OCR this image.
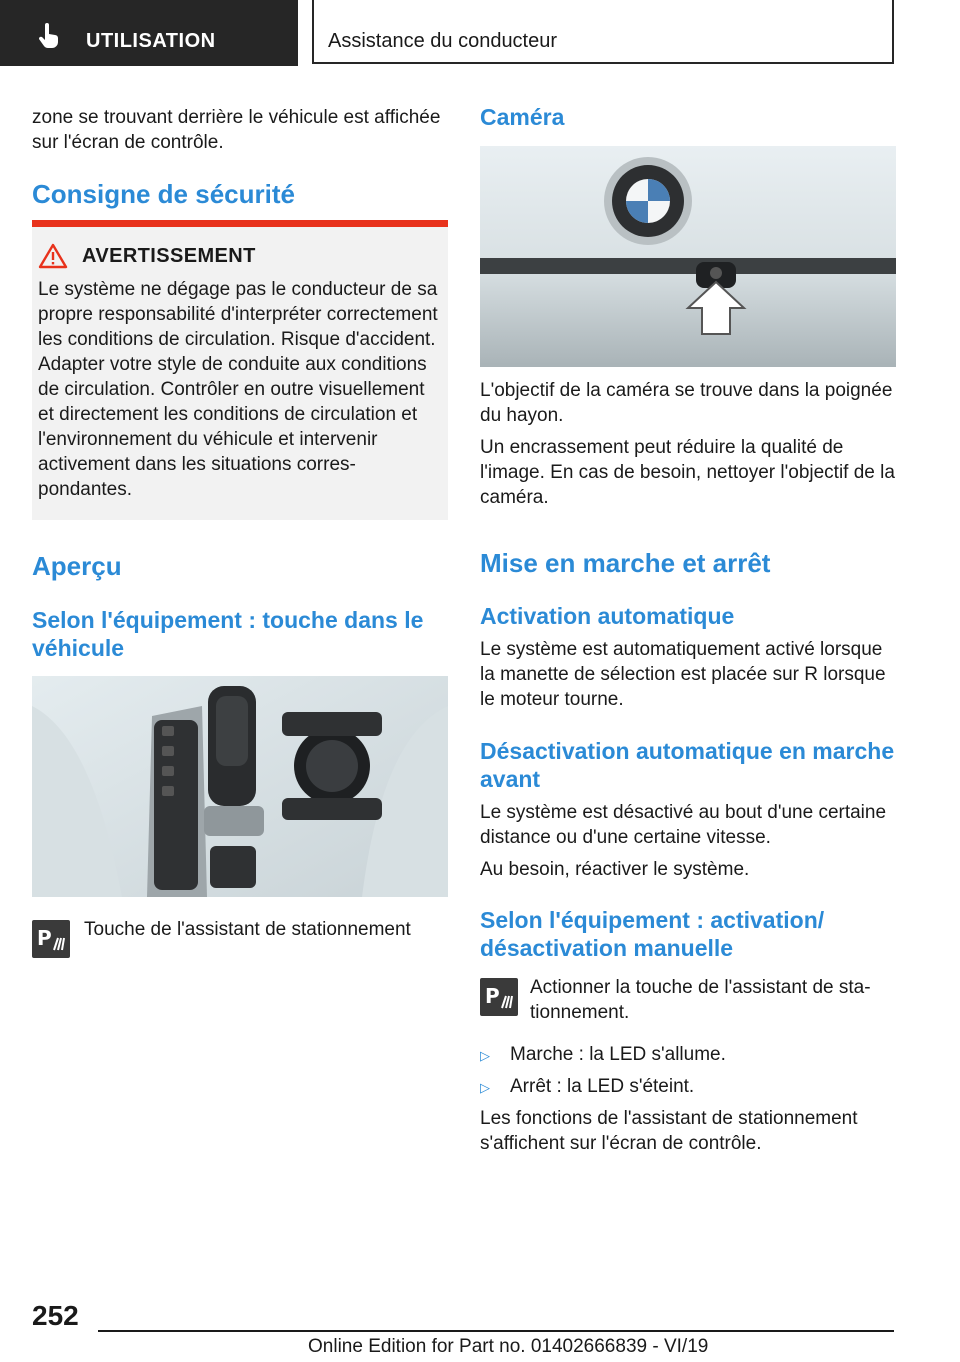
UTILISATION	Assistance du conducteur

zone se trouvant derrière le véhicule est affichée sur l'écran de contrôle.

Consigne de sécurité
AVERTISSEMENT

Le système ne dégage pas le conducteur de sa propre responsabilité d'interpréter correctement les conditions de circulation. Risque d'accident. Adapter votre style de conduite aux conditions de circulation. Contrôler en outre visuellement et directement les conditions de circulation et l'environnement du véhicule et intervenir activement dans les situations correspondantes.

Aperçu
Selon l'équipement : touche dans le véhicule
P Touche de l'assistant de stationnement

Caméra

L'objectif de la caméra se trouve dans la poignée du hayon.

Un encrassement peut réduire la qualité de l'image. En cas de besoin, nettoyer l'objectif de la caméra.

Mise en marche et arrêt
Activation automatique

Le système est automatiquement activé lorsque la manette de sélection est placée sur R lorsque le moteur tourne.

Désactivation automatique en marche avant

Le système est désactivé au bout d'une certaine distance ou d'une certaine vitesse.

Au besoin, réactiver le système.

Selon l'équipement : activation/ désactivation manuelle
P Actionner la touche de l'assistant de stationnement.

▷	Marche : la LED s'allume.

▷	Arrêt : la LED s'éteint.

Les fonctions de l'assistant de stationnement s'affichent sur l'écran de contrôle.

252
Online Edition for Part no. 01402666839 - VI/19
